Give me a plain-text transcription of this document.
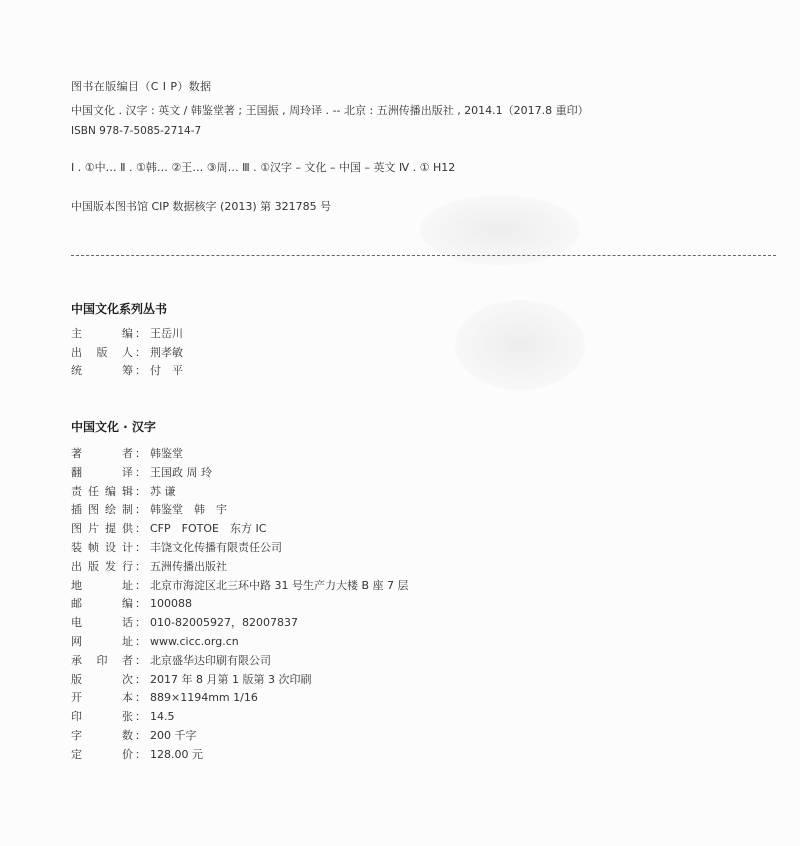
图书在版编目（C I P）数据
中国文化 . 汉字 : 英文 / 韩鉴堂著 ; 王国振 , 周玲译 . -- 北京 : 五洲传播出版社 , 2014.1（2017.8 重印）
ISBN 978-7-5085-2714-7
Ⅰ . ①中… Ⅱ . ①韩… ②王… ③周… Ⅲ . ①汉字 – 文化 – 中国 – 英文 Ⅳ . ① H12
中国版本图书馆 CIP 数据核字 (2013) 第 321785 号
中国文化系列丛书
主	编 ： 王岳川
出 版 人 ： 荆孝敏
统	筹 ： 付　平
中国文化 · 汉字
著	者 ： 韩鉴堂
翻	译 ： 王国政 周 玲
责 任 编 辑 ： 苏 谦
插 图 绘 制 ： 韩鉴堂　韩　宇
图 片 提 供 ： CFP　FOTOE　东方 IC
装 帧 设 计 ： 丰饶文化传播有限责任公司
出 版 发 行 ： 五洲传播出版社
地	址 ： 北京市海淀区北三环中路 31 号生产力大楼 B 座 7 层
邮	编 ： 100088
电	话 ： 010-82005927，82007837
网	址 ： www.cicc.org.cn
承 印 者 ： 北京盛华达印刷有限公司
版	次 ： 2017 年 8 月第 1 版第 3 次印刷
开	本 ： 889×1194mm 1/16
印	张 ： 14.5
字	数 ： 200 千字
定	价 ： 128.00 元
